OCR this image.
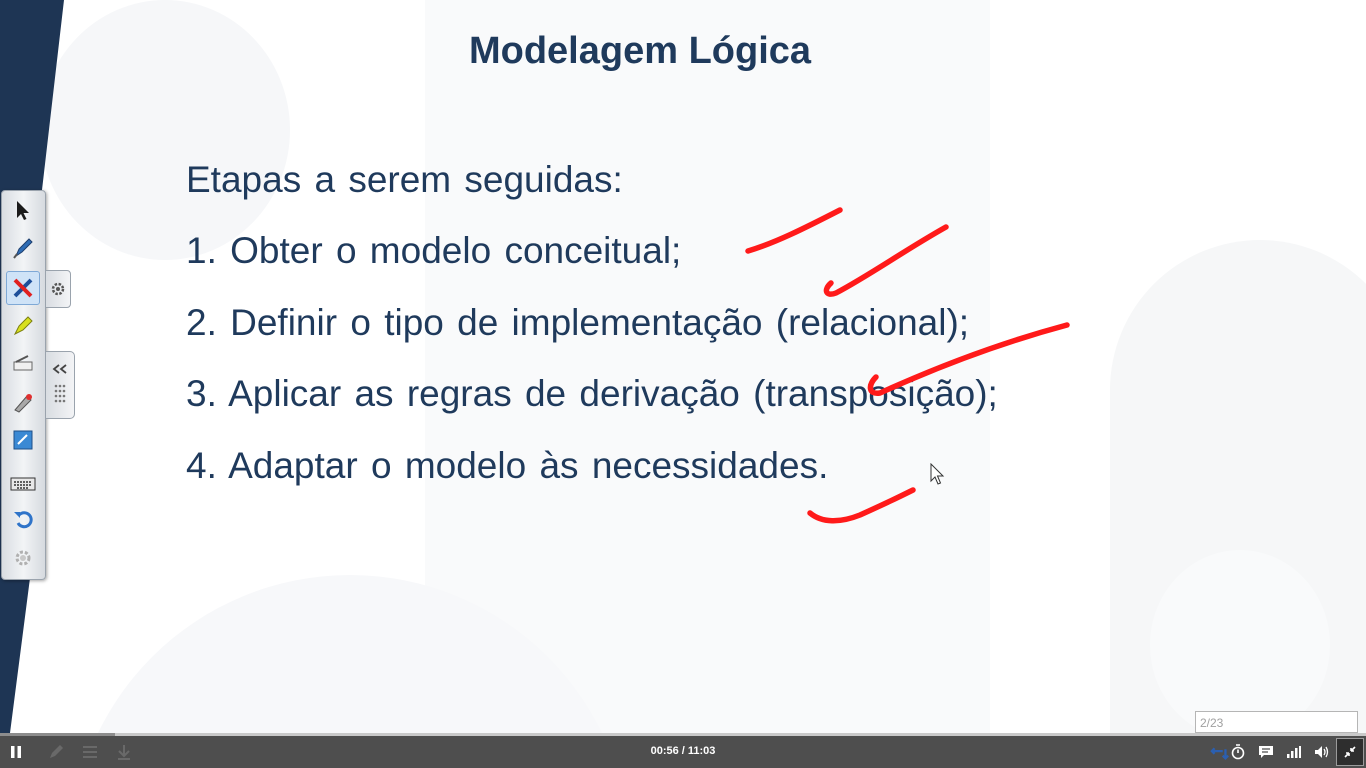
Modelagem Lógica
Etapas a serem seguidas:
1. Obter o modelo conceitual;
2. Definir o tipo de implementação (relacional);
3. Aplicar as regras de derivação (transposição);
4. Adaptar o modelo às necessidades.
2/23
00:56 / 11:03
